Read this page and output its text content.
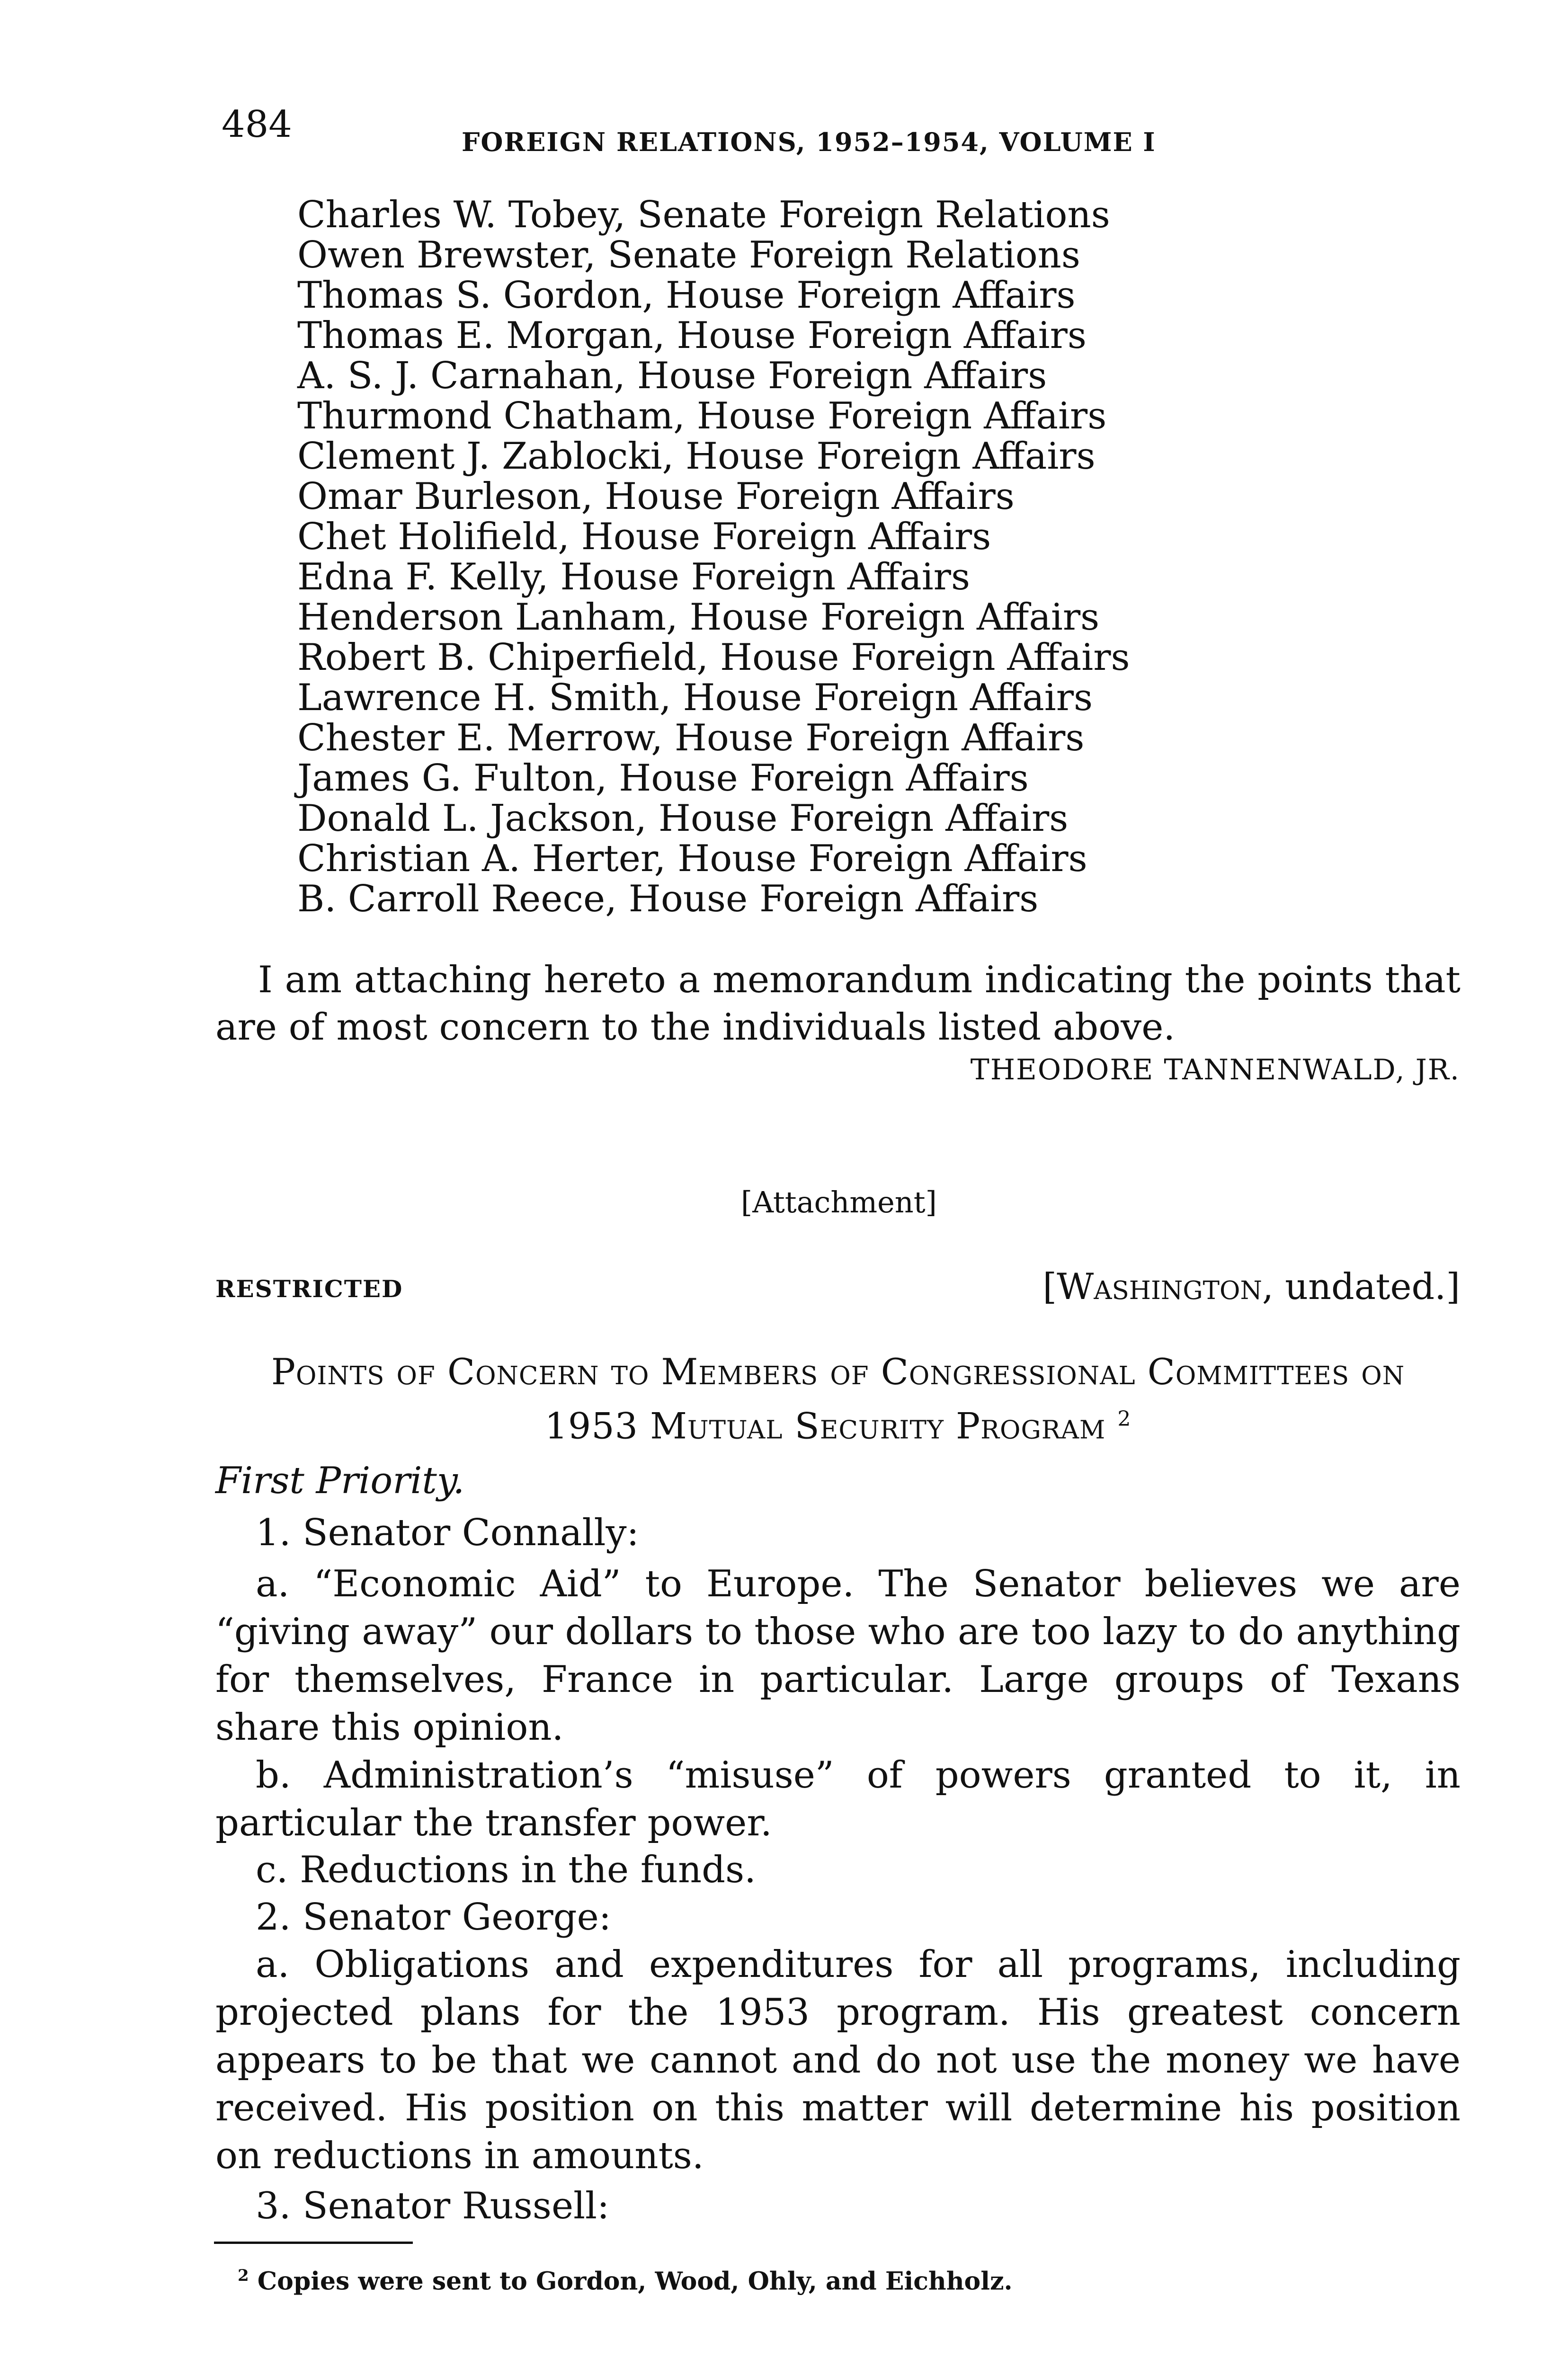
484	FOREIGN RELATIONS, 1952–1954, VOLUME I
Charles W. Tobey, Senate Foreign Relations
Owen Brewster, Senate Foreign Relations
Thomas S. Gordon, House Foreign Affairs
Thomas E. Morgan, House Foreign Affairs
A. S. J. Carnahan, House Foreign Affairs
Thurmond Chatham, House Foreign Affairs
Clement J. Zablocki, House Foreign Affairs
Omar Burleson, House Foreign Affairs
Chet Holifield, House Foreign Affairs
Edna F. Kelly, House Foreign Affairs
Henderson Lanham, House Foreign Affairs
Robert B. Chiperfield, House Foreign Affairs
Lawrence H. Smith, House Foreign Affairs
Chester E. Merrow, House Foreign Affairs
James G. Fulton, House Foreign Affairs
Donald L. Jackson, House Foreign Affairs
Christian A. Herter, House Foreign Affairs
B. Carroll Reece, House Foreign Affairs
I am attaching hereto a memorandum indicating the points that are of most concern to the individuals listed above.
THEODORE TANNENWALD, JR.
[Attachment]
RESTRICTED	[Washington, undated.]
Points of Concern to Members of Congressional Committees on
1953 Mutual Security Program $^2$
First Priority.
1. Senator Connally:
a. “Economic Aid” to Europe. The Senator believes we are “giving away” our dollars to those who are too lazy to do anything for themselves, France in particular. Large groups of Texans share this opinion.
b. Administration’s “misuse” of powers granted to it, in particular the transfer power.
c. Reductions in the funds.
2. Senator George:
a. Obligations and expenditures for all programs, including projected plans for the 1953 program. His greatest concern appears to be that we cannot and do not use the money we have received. His position on this matter will determine his position on reductions in amounts.
3. Senator Russell:
$^2$ Copies were sent to Gordon, Wood, Ohly, and Eichholz.
